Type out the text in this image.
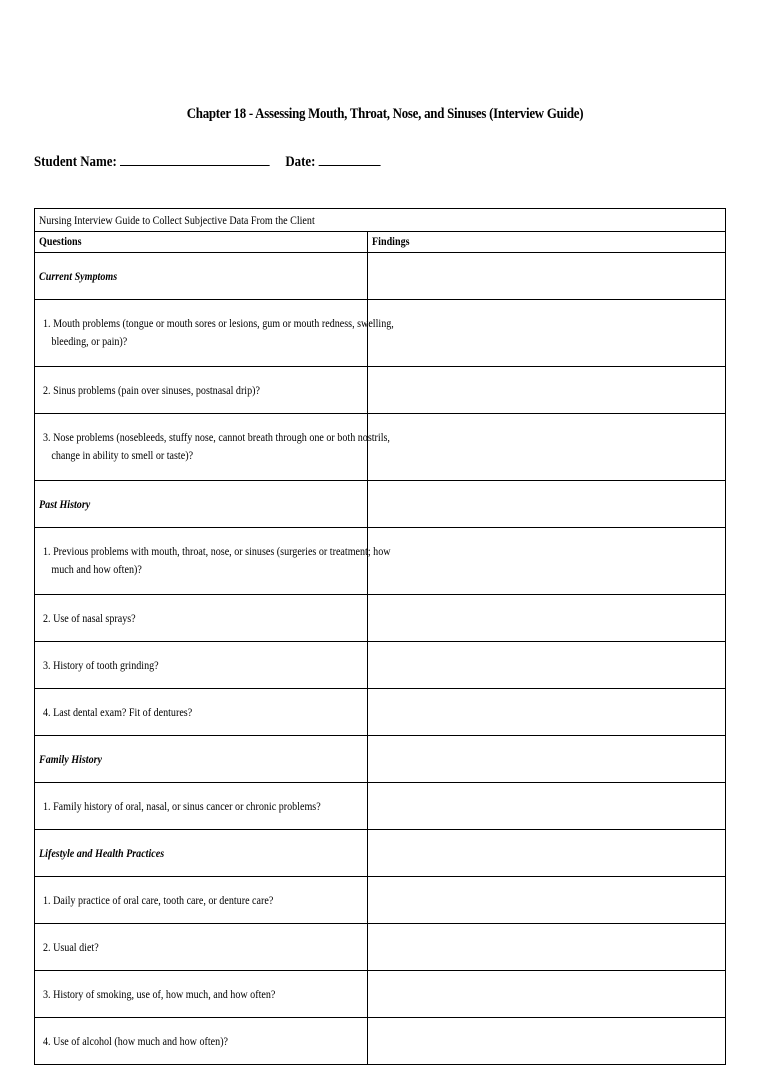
Chapter 18 - Assessing Mouth, Throat, Nose, and Sinuses (Interview Guide)
Student Name:	Date:
Nursing Interview Guide to Collect Subjective Data From the Client	
Questions	Findings
Current Symptoms	
1. Mouth problems (tongue or mouth sores or lesions, gum or mouth redness, swelling,
bleeding, or pain)?	
2. Sinus problems (pain over sinuses, postnasal drip)?	
3. Nose problems (nosebleeds, stuffy nose, cannot breath through one or both nostrils,
change in ability to smell or taste)?	
Past History	
1. Previous problems with mouth, throat, nose, or sinuses (surgeries or treatment; how
much and how often)?	
2. Use of nasal sprays?	
3. History of tooth grinding?	
4. Last dental exam? Fit of dentures?	
Family History	
1. Family history of oral, nasal, or sinus cancer or chronic problems?	
Lifestyle and Health Practices	
1. Daily practice of oral care, tooth care, or denture care?	
2. Usual diet?	
3. History of smoking, use of, how much, and how often?	
4. Use of alcohol (how much and how often)?	
